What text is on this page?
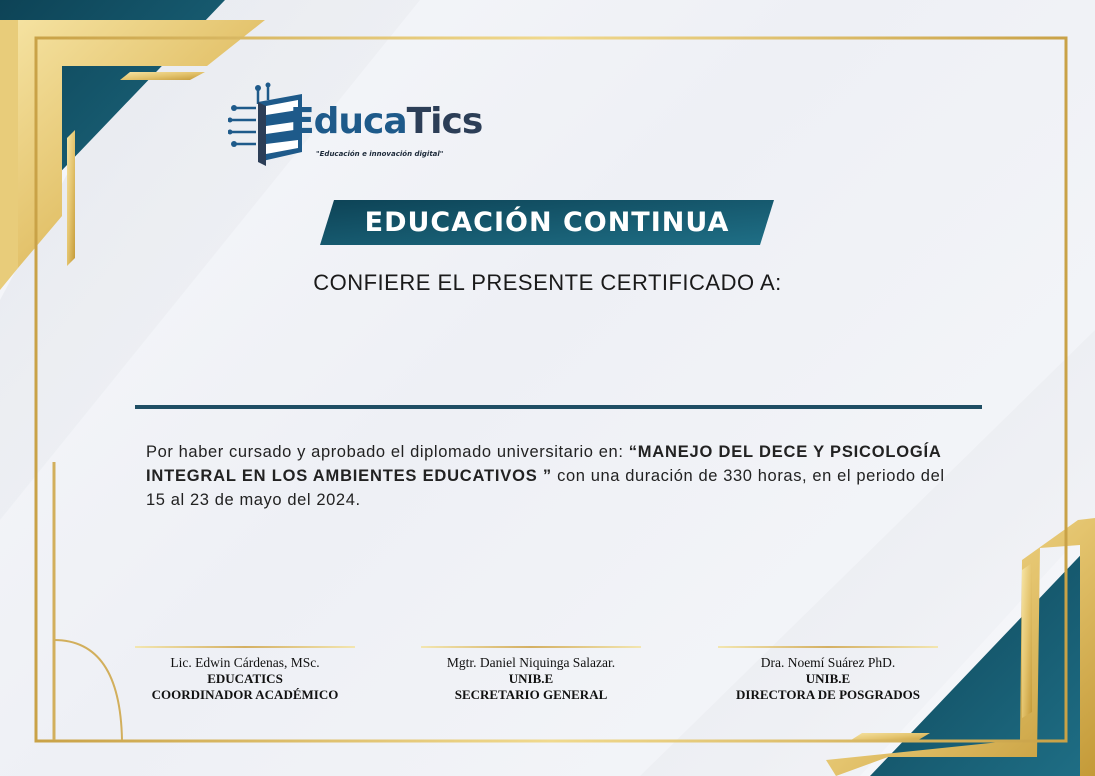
EducaTics
"Educación e innovación digital"
EDUCACIÓN CONTINUA
CONFIERE EL PRESENTE CERTIFICADO A:
Por haber cursado y aprobado el diplomado universitario en: “MANEJO DEL DECE Y PSICOLOGÍA INTEGRAL EN LOS AMBIENTES EDUCATIVOS ” con una duración de 330 horas, en el periodo del 15 al 23 de mayo del 2024.
Lic. Edwin Cárdenas, MSc.
EDUCATICS
COORDINADOR ACADÉMICO
Mgtr. Daniel Niquinga Salazar.
UNIB.E
SECRETARIO GENERAL
Dra. Noemí Suárez PhD.
UNIB.E
DIRECTORA DE POSGRADOS
